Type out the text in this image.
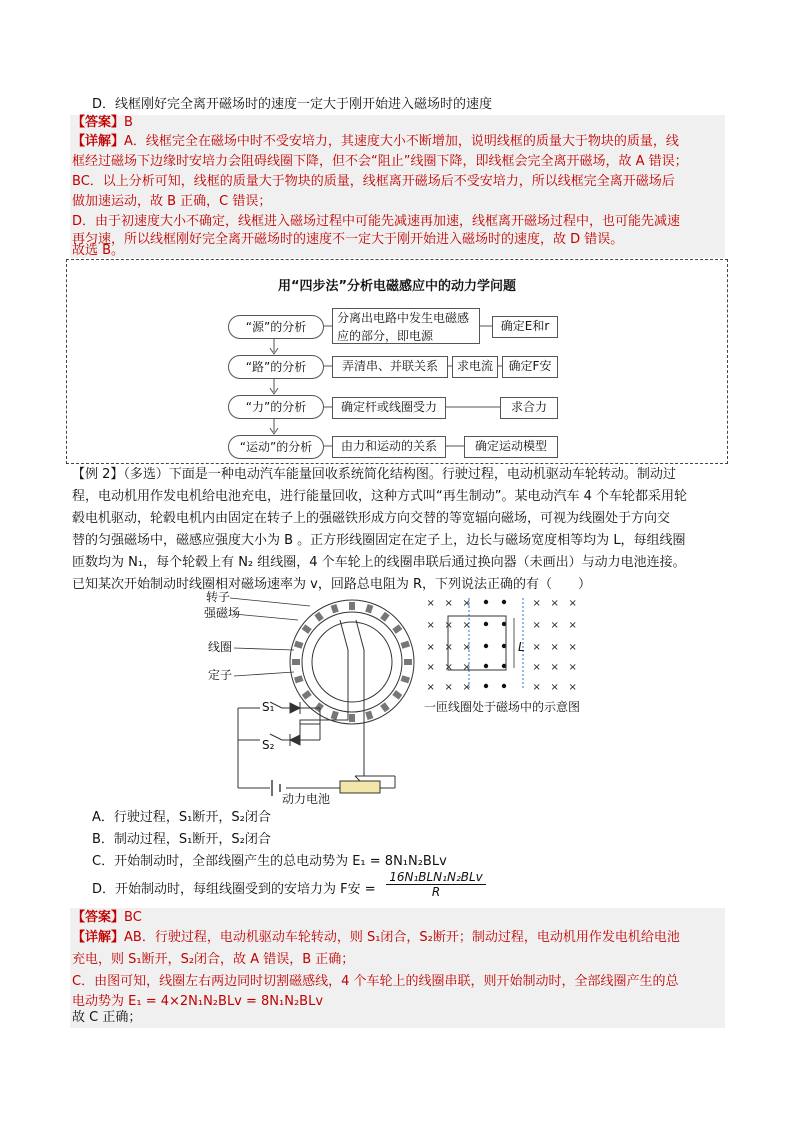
D．线框刚好完全离开磁场时的速度一定大于刚开始进入磁场时的速度
【答案】B
【详解】A．线框完全在磁场中时不受安培力，其速度大小不断增加，说明线框的质量大于物块的质量，线
框经过磁场下边缘时安培力会阻碍线圈下降，但不会“阻止”线圈下降，即线框会完全离开磁场，故 A 错误；
BC．以上分析可知，线框的质量大于物块的质量，线框离开磁场后不受安培力，所以线框完全离开磁场后
做加速运动，故 B 正确，C 错误；
D．由于初速度大小不确定，线框进入磁场过程中可能先减速再加速，线框离开磁场过程中，也可能先减速
再匀速，所以线框刚好完全离开磁场时的速度不一定大于刚开始进入磁场时的速度，故 D 错误。
故选 B。
用“四步法”分析电磁感应中的动力学问题
“源”的分析
分离出电路中发生电磁感应的部分，即电源
确定E和r
“路”的分析	弄清串、并联关系	求电流	确定F安
“力”的分析	确定杆或线圈受力	求合力
“运动”的分析	由力和运动的关系	确定运动模型
【例 2】（多选）下面是一种电动汽车能量回收系统简化结构图。行驶过程，电动机驱动车轮转动。制动过
程，电动机用作发电机给电池充电，进行能量回收，这种方式叫“再生制动”。某电动汽车 4 个车轮都采用轮
毂电机驱动，轮毂电机内由固定在转子上的强磁铁形成方向交替的等宽辐向磁场，可视为线圈处于方向交
替的匀强磁场中，磁感应强度大小为 B 。正方形线圈固定在定子上，边长与磁场宽度相等均为 L，每组线圈
匝数均为 N₁，每个轮毂上有 N₂ 组线圈，4 个车轮上的线圈串联后通过换向器（未画出）与动力电池连接。
已知某次开始制动时线圈相对磁场速率为 v，回路总电阻为 R，下列说法正确的有（　　）
×
×
×
×
×
×
×
×
×
×
×
×
×
×
×
×
×
×
×
×
×
×
×
×
×
×
×
×
×
×
转子
强磁场
线圈
定子
S₁
S₂
动力电池
L
一匝线圈处于磁场中的示意图
A．行驶过程，S₁断开，S₂闭合
B．制动过程，S₁断开，S₂闭合
C．开始制动时，全部线圈产生的总电动势为 E₁ = 8N₁N₂BLv
D．开始制动时，每组线圈受到的安培力为 F安 =
16N₁BLN₁N₂BLv
R
【答案】BC
【详解】AB．行驶过程，电动机驱动车轮转动，则 S₁闭合，S₂断开；制动过程，电动机用作发电机给电池
充电，则 S₁断开，S₂闭合，故 A 错误，B 正确；
C．由图可知，线圈左右两边同时切割磁感线，4 个车轮上的线圈串联，则开始制动时，全部线圈产生的总
电动势为 E₁ = 4×2N₁N₂BLv = 8N₁N₂BLv
故 C 正确；
